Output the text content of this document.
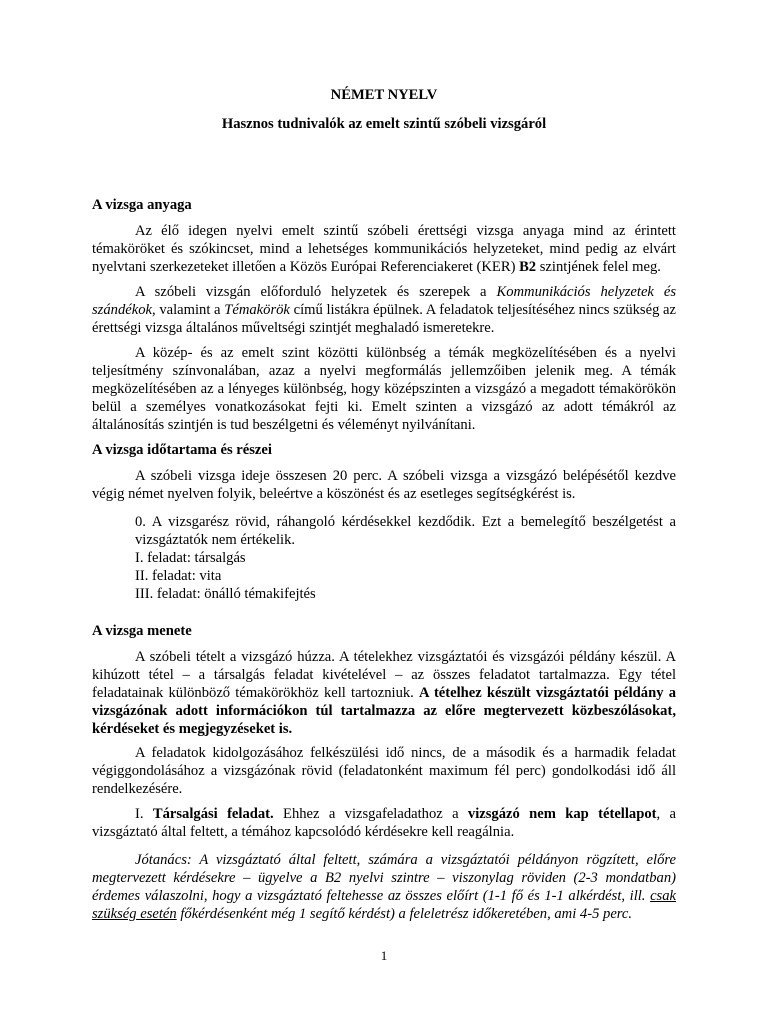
NÉMET NYELV
Hasznos tudnivalók az emelt szintű szóbeli vizsgáról
A vizsga anyaga
Az élő idegen nyelvi emelt szintű szóbeli érettségi vizsga anyaga mind az érintett témaköröket és szókincset, mind a lehetséges kommunikációs helyzeteket, mind pedig az elvárt nyelvtani szerkezeteket illetően a Közös Európai Referenciakeret (KER) B2 szintjének felel meg.
A szóbeli vizsgán előforduló helyzetek és szerepek a Kommunikációs helyzetek és szándékok, valamint a Témakörök című listákra épülnek. A feladatok teljesítéséhez nincs szükség az érettségi vizsga általános műveltségi szintjét meghaladó ismeretekre.
A közép- és az emelt szint közötti különbség a témák megközelítésében és a nyelvi teljesítmény színvonalában, azaz a nyelvi megformálás jellemzőiben jelenik meg. A témák megközelítésében az a lényeges különbség, hogy középszinten a vizsgázó a megadott témakörökön belül a személyes vonatkozásokat fejti ki. Emelt szinten a vizsgázó az adott témákról az általánosítás szintjén is tud beszélgetni és véleményt nyilvánítani.
A vizsga időtartama és részei
A szóbeli vizsga ideje összesen 20 perc. A szóbeli vizsga a vizsgázó belépésétől kezdve végig német nyelven folyik, beleértve a köszönést és az esetleges segítségkérést is.
0. A vizsgarész rövid, ráhangoló kérdésekkel kezdődik. Ezt a bemelegítő beszélgetést a vizsgáztatók nem értékelik.
I. feladat: társalgás
II. feladat: vita
III. feladat: önálló témakifejtés
A vizsga menete
A szóbeli tételt a vizsgázó húzza. A tételekhez vizsgáztatói és vizsgázói példány készül. A kihúzott tétel – a társalgás feladat kivételével – az összes feladatot tartalmazza. Egy tétel feladatainak különböző témakörökhöz kell tartozniuk. A tételhez készült vizsgáztatói példány a vizsgázónak adott információkon túl tartalmazza az előre megtervezett közbeszólásokat, kérdéseket és megjegyzéseket is.
A feladatok kidolgozásához felkészülési idő nincs, de a második és a harmadik feladat végiggondolásához a vizsgázónak rövid (feladatonként maximum fél perc) gondolkodási idő áll rendelkezésére.
I. Társalgási feladat. Ehhez a vizsgafeladathoz a vizsgázó nem kap tétellapot, a vizsgáztató által feltett, a témához kapcsolódó kérdésekre kell reagálnia.
Jótanács: A vizsgáztató által feltett, számára a vizsgáztatói példányon rögzített, előre megtervezett kérdésekre – ügyelve a B2 nyelvi szintre – viszonylag röviden (2-3 mondatban) érdemes válaszolni, hogy a vizsgáztató feltehesse az összes előírt (1-1 fő és 1-1 alkérdést, ill. csak szükség esetén főkérdésenként még 1 segítő kérdést) a feleletrész időkeretében, ami 4-5 perc.
1
